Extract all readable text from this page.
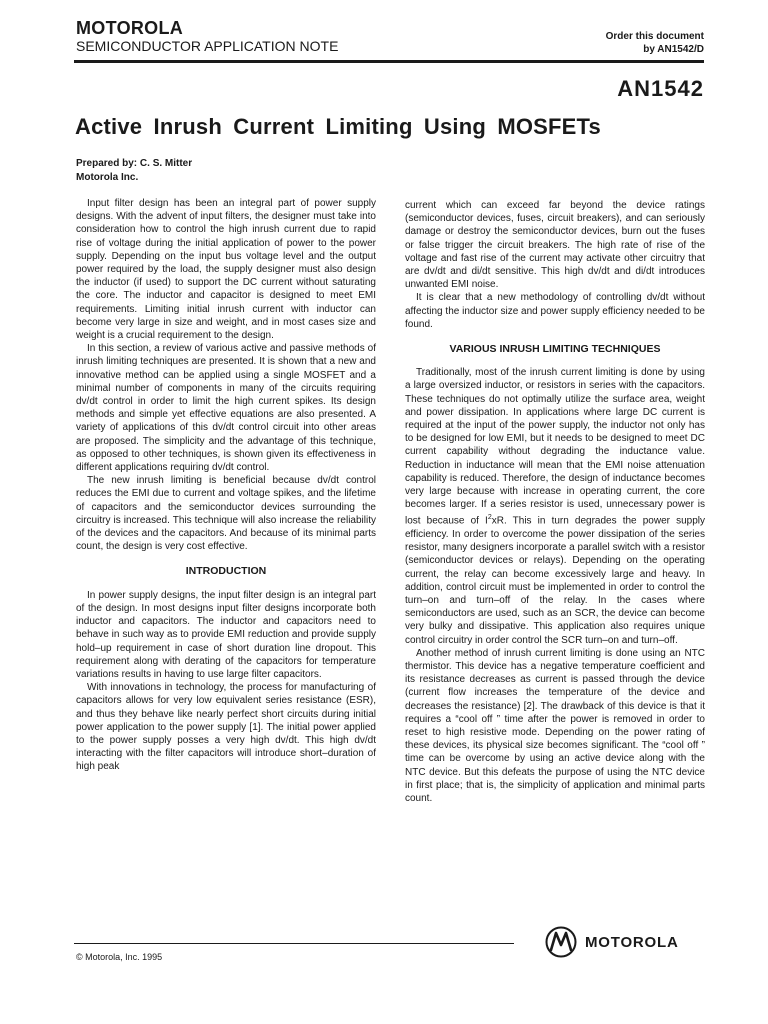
MOTOROLA
SEMICONDUCTOR APPLICATION NOTE
Order this document
by AN1542/D
AN1542
Active Inrush Current Limiting Using MOSFETs
Prepared by: C. S. Mitter
Motorola Inc.

Input filter design has been an integral part of power supply designs. With the advent of input filters, the designer must take into consideration how to control the high inrush current due to rapid rise of voltage during the initial application of power to the power supply. Depending on the input bus voltage level and the output power required by the load, the supply designer must also design the inductor (if used) to support the DC current without saturating the core. The inductor and capacitor is designed to meet EMI requirements. Limiting initial inrush current with inductor can become very large in size and weight, and in most cases size and weight is a crucial requirement to the design.

In this section, a review of various active and passive methods of inrush limiting techniques are presented. It is shown that a new and innovative method can be applied using a single MOSFET and a minimal number of components in many of the circuits requiring dv/dt control in order to limit the high current spikes. Its design methods and simple yet effective equations are also presented. A variety of applications of this dv/dt control circuit into other areas are proposed. The simplicity and the advantage of this technique, as opposed to other techniques, is shown given its effectiveness in different applications requiring dv/dt control.

The new inrush limiting is beneficial because dv/dt control reduces the EMI due to current and voltage spikes, and the lifetime of capacitors and the semiconductor devices surrounding the circuitry is increased. This technique will also increase the reliability of the devices and the capacitors. And because of its minimal parts count, the design is very cost effective.

INTRODUCTION

In power supply designs, the input filter design is an integral part of the design. In most designs input filter designs incorporate both inductor and capacitors. The inductor and capacitors need to behave in such way as to provide EMI reduction and provide supply hold–up requirement in case of short duration line dropout. This requirement along with derating of the capacitors for temperature variations results in having to use large filter capacitors.

With innovations in technology, the process for manufacturing of capacitors allows for very low equivalent series resistance (ESR), and thus they behave like nearly perfect short circuits during initial power application to the power supply [1]. The initial power applied to the power supply posses a very high dv/dt. This high dv/dt interacting with the filter capacitors will introduce short–duration of high peak

current which can exceed far beyond the device ratings (semiconductor devices, fuses, circuit breakers), and can seriously damage or destroy the semiconductor devices, burn out the fuses or false trigger the circuit breakers. The high rate of rise of the voltage and fast rise of the current may activate other circuitry that are dv/dt and di/dt sensitive. This high dv/dt and di/dt introduces unwanted EMI noise.

It is clear that a new methodology of controlling dv/dt without affecting the inductor size and power supply efficiency needed to be found.

VARIOUS INRUSH LIMITING TECHNIQUES

Traditionally, most of the inrush current limiting is done by using a large oversized inductor, or resistors in series with the capacitors. These techniques do not optimally utilize the surface area, weight and power dissipation. In applications where large DC current is required at the input of the power supply, the inductor not only has to be designed for low EMI, but it needs to be designed to meet DC current capability without degrading the inductance value. Reduction in inductance will mean that the EMI noise attenuation capability is reduced. Therefore, the design of inductance becomes very large because with increase in operating current, the core becomes larger. If a series resistor is used, unnecessary power is lost because of $I^2xR$. This in turn degrades the power supply efficiency. In order to overcome the power dissipation of the series resistor, many designers incorporate a parallel switch with a resistor (semiconductor devices or relays). Depending on the operating current, the relay can become excessively large and heavy. In addition, control circuit must be implemented in order to control the turn–on and turn–off of the relay. In the cases where semiconductors are used, such as an SCR, the device can become very bulky and dissipative. This application also requires unique control circuitry in order control the SCR turn–on and turn–off.

Another method of inrush current limiting is done using an NTC thermistor. This device has a negative temperature coefficient and its resistance decreases as current is passed through the device (current flow increases the temperature of the device and decreases the resistance) [2]. The drawback of this device is that it requires a “cool off ” time after the power is removed in order to reset to high resistive mode. Depending on the power rating of these devices, its physical size becomes significant. The “cool off ” time can be overcome by using an active device along with the NTC device. But this defeats the purpose of using the NTC device in first place; that is, the simplicity of application and minimal parts count.

© Motorola, Inc. 1995
MOTOROLA
